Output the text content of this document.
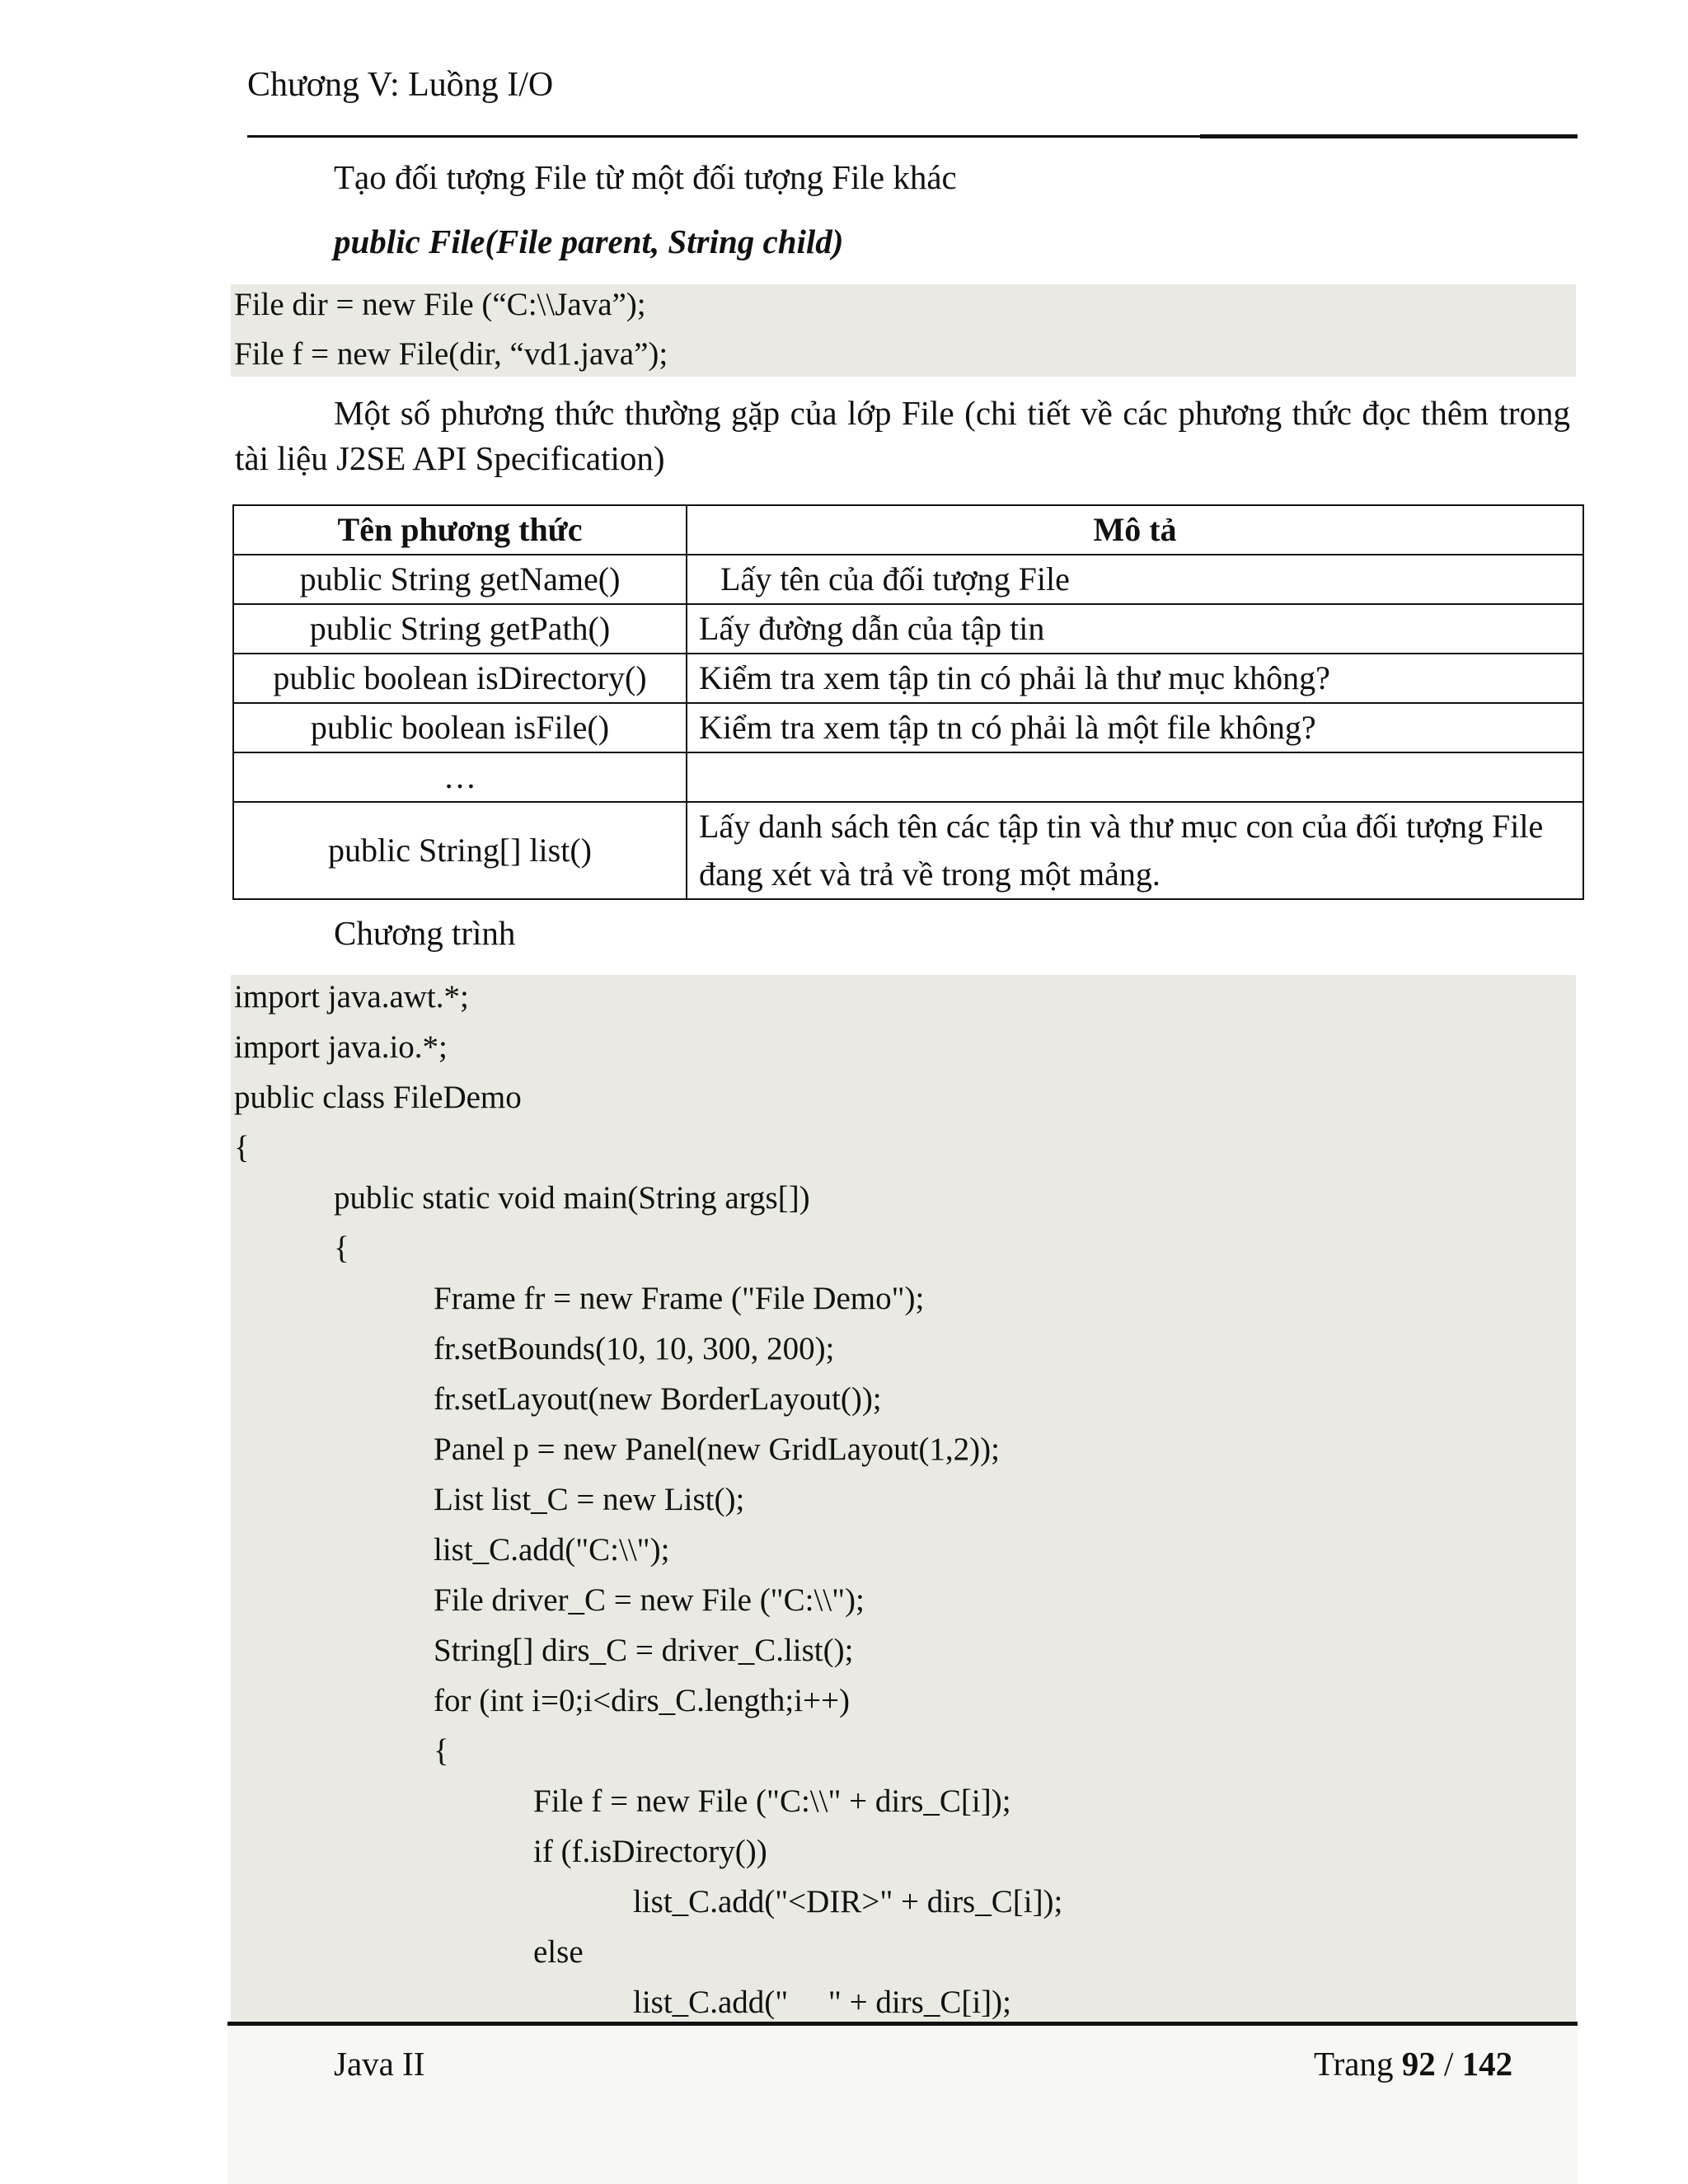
Chương V: Luồng I/O
Tạo đối tượng File từ một đối tượng File khác
public File(File parent, String child)
File dir = new File (“C:\\Java”);
File f = new File(dir, “vd1.java”);
Một số phương thức thường gặp của lớp File (chi tiết về các phương thức đọc thêm trong tài liệu J2SE API Specification)
Tên phương thức	Mô tả
public String getName()	Lấy tên của đối tượng File
public String getPath()	Lấy đường dẫn của tập tin
public boolean isDirectory()	Kiểm tra xem tập tin có phải là thư mục không?
public boolean isFile()	Kiểm tra xem tập tn có phải là một file không?
…	
public String[] list()	Lấy danh sách tên các tập tin và thư mục con của đối tượng File đang xét và trả về trong một mảng.
Chương trình
import java.awt.*;
import java.io.*;
public class FileDemo
{
public static void main(String args[])
{
Frame fr = new Frame ("File Demo");
fr.setBounds(10, 10, 300, 200);
fr.setLayout(new BorderLayout());
Panel p = new Panel(new GridLayout(1,2));
List list_C = new List();
list_C.add("C:\\");
File driver_C = new File ("C:\\");
String[] dirs_C = driver_C.list();
for (int i=0;i<dirs_C.length;i++)
{
File f = new File ("C:\\" + dirs_C[i]);
if (f.isDirectory())
list_C.add("<DIR>" + dirs_C[i]);
else
list_C.add("     " + dirs_C[i]);
Java II	Trang 92 / 142
